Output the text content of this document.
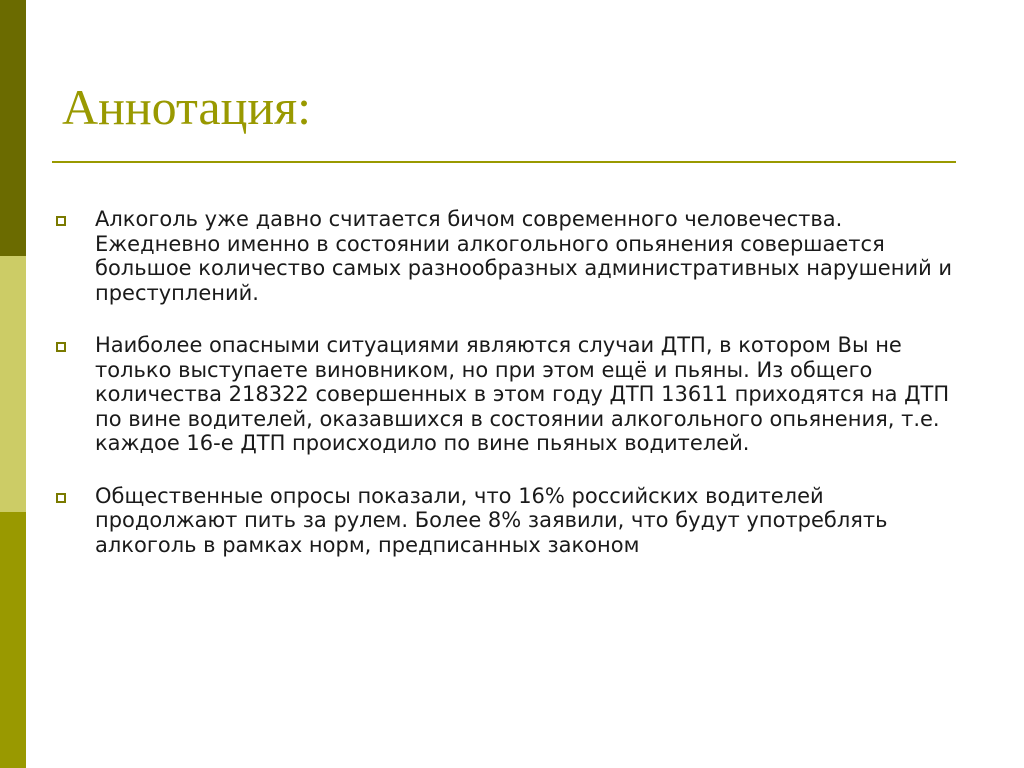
Аннотация:
Алкоголь уже давно считается бичом современного человечества. Ежедневно именно в состоянии алкогольного опьянения совершается большое количество самых разнообразных административных нарушений и преступлений.
Наиболее опасными ситуациями являются случаи ДТП, в котором Вы не только выступаете виновником, но при этом ещё и пьяны. Из общего количества 218322 совершенных в этом году ДТП 13611 приходятся на ДТП по вине водителей, оказавшихся в состоянии алкогольного опьянения, т.е. каждое 16-е ДТП происходило по вине пьяных водителей.
Общественные опросы показали, что 16% российских водителей продолжают пить за рулем. Более 8% заявили, что будут употреблять алкоголь в рамках норм, предписанных законом
